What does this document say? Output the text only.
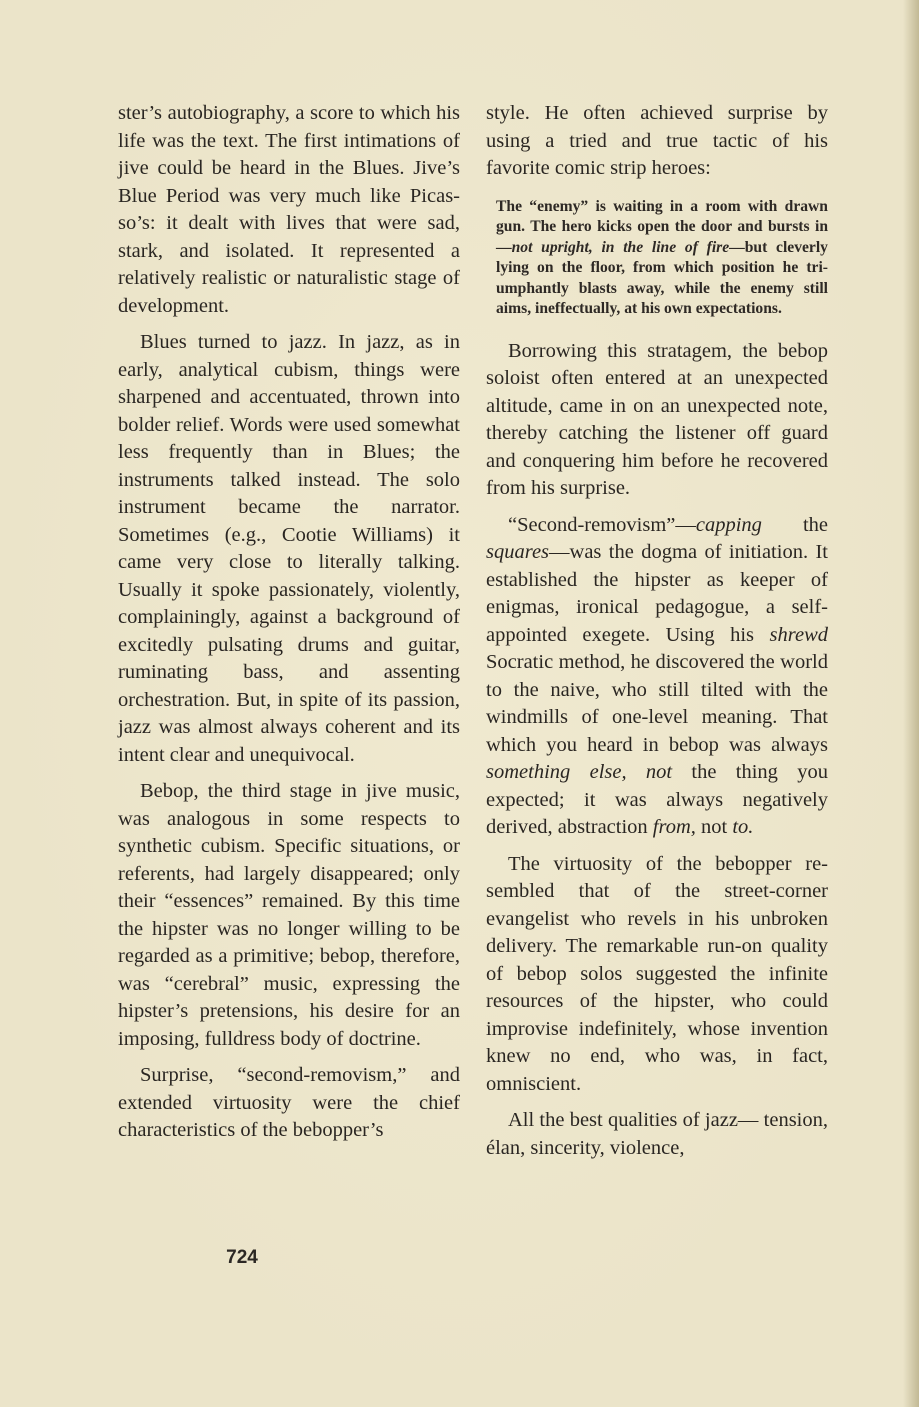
ster’s autobiography, a score to which his life was the text. The first intimations of jive could be heard in the Blues. Jive’s Blue Period was very much like Picasso’s: it dealt with lives that were sad, stark, and isolated. It represented a relatively realistic or naturalistic stage of development.

Blues turned to jazz. In jazz, as in early, analytical cubism, things were sharpened and accentuated, thrown into bolder relief. Words were used somewhat less frequently than in Blues; the instruments talked instead. The solo instrument became the narrator. Sometimes (e.g., Cootie Williams) it came very close to literally talking. Usually it spoke passionately, violently, complainingly, against a background of excitedly pulsating drums and guitar, ruminating bass, and assenting orchestration. But, in spite of its passion, jazz was almost always coherent and its intent clear and unequivocal.

Bebop, the third stage in jive music, was analogous in some respects to synthetic cubism. Specific situations, or referents, had largely disappeared; only their “essences” remained. By this time the hipster was no longer willing to be regarded as a primitive; bebop, therefore, was “cerebral” music, expressing the hipster’s pretensions, his desire for an imposing, fulldress body of doctrine.

Surprise, “second-removism,” and extended virtuosity were the chief characteristics of the bebopper’s

style. He often achieved surprise by using a tried and true tactic of his favorite comic strip heroes:

The “enemy” is waiting in a room with drawn gun. The hero kicks open the door and bursts in—not upright, in the line of fire—but cleverly lying on the floor, from which position he triumphantly blasts away, while the enemy still aims, ineffectually, at his own expectations.

Borrowing this stratagem, the bebop soloist often entered at an unexpected altitude, came in on an unexpected note, thereby catching the listener off guard and conquering him before he recovered from his surprise.

“Second-removism”—capping the squares—was the dogma of initiation. It established the hipster as keeper of enigmas, ironical pedagogue, a self-appointed exegete. Using his shrewd Socratic method, he discovered the world to the naive, who still tilted with the windmills of one-level meaning. That which you heard in bebop was always something else, not the thing you expected; it was always negatively derived, abstraction from, not to.

The virtuosity of the bebopper resembled that of the street-corner evangelist who revels in his unbroken delivery. The remarkable run-on quality of bebop solos suggested the infinite resources of the hipster, who could improvise indefinitely, whose invention knew no end, who was, in fact, omniscient.

All the best qualities of jazz— tension, élan, sincerity, violence,

724
